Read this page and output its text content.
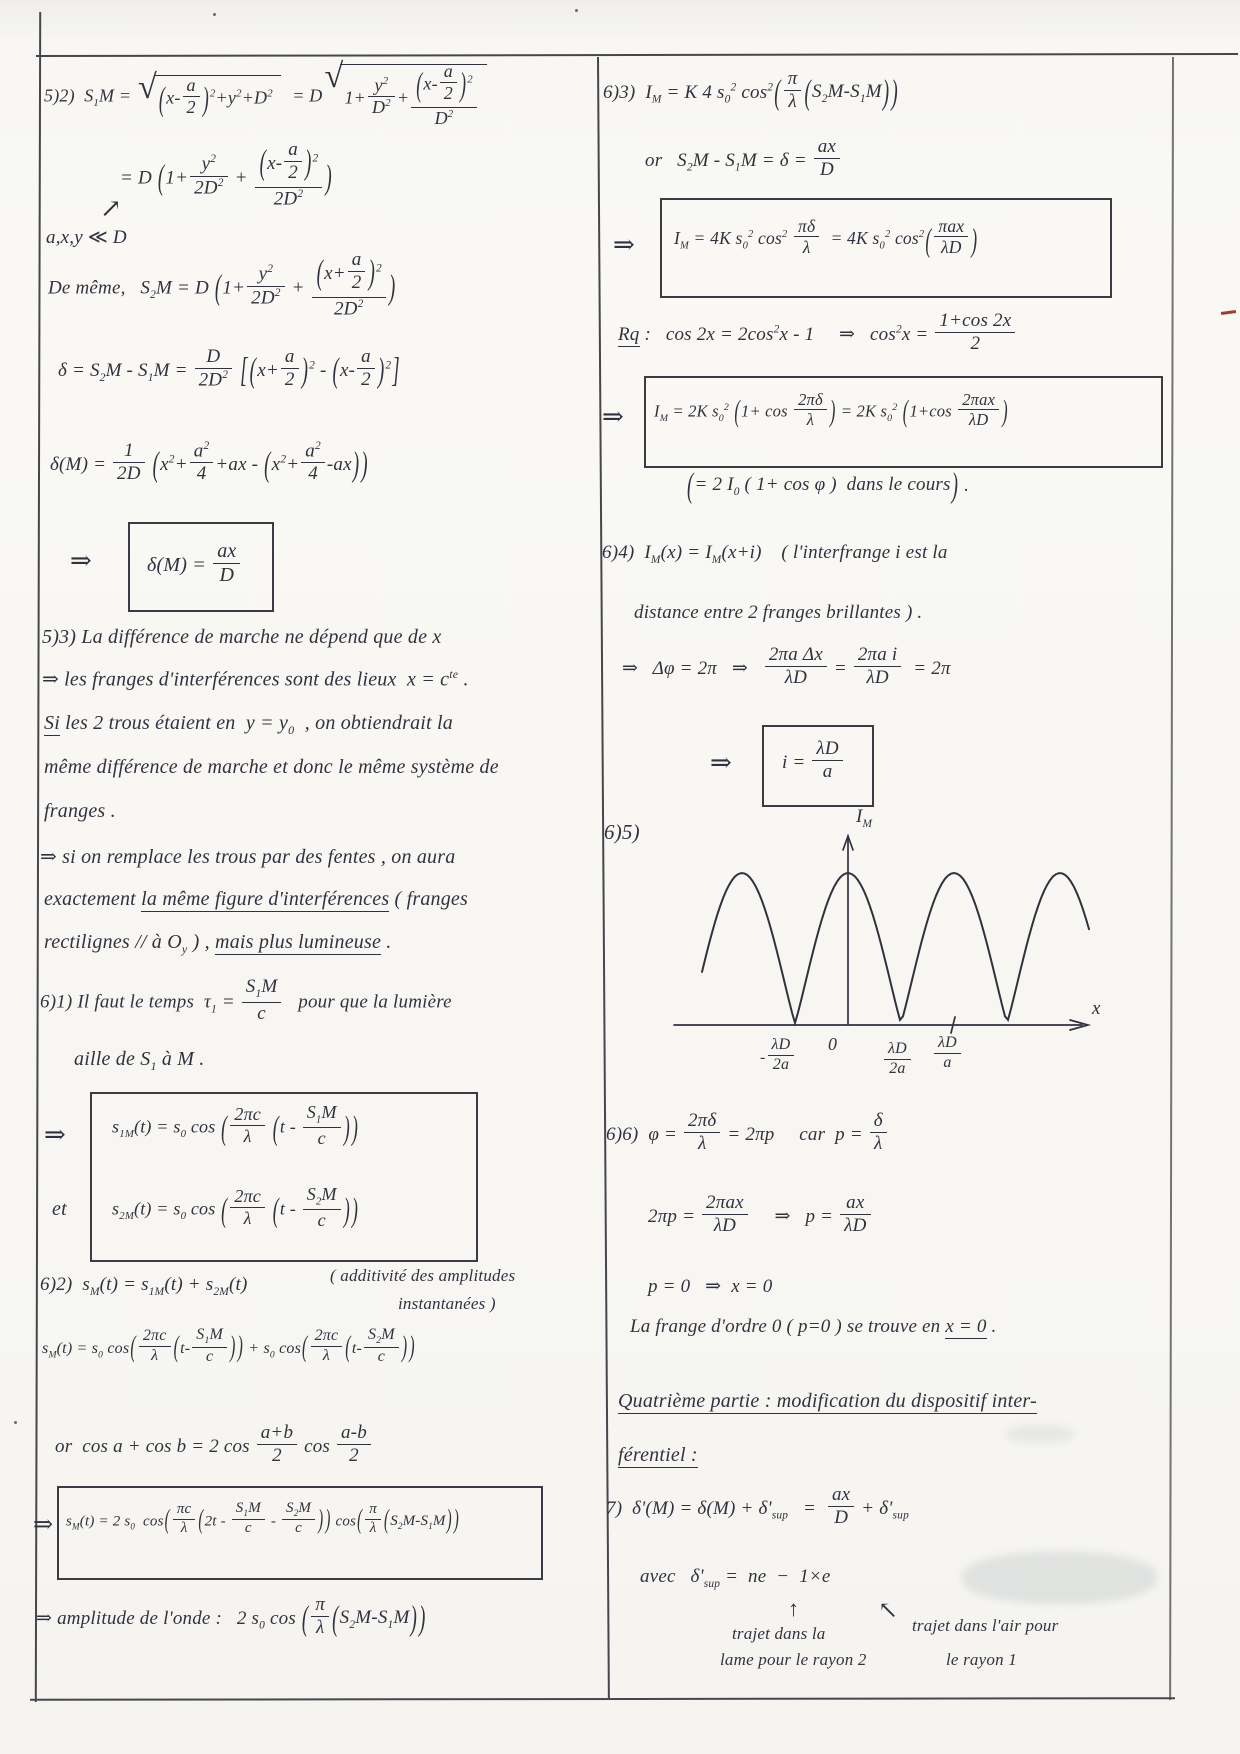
5)2)  $S_1M$ = √ ( $x- \frac{a}{2}$ ) $^2+y^2+D^2 = D$
√
$1+ \frac{y^2}{D^2} + \frac{( x- \frac{a}{2} ) ^2}{D^2}$
= D ( $1+ \frac{y^2}{2D^2} + \frac{( x- \frac{a}{2} ) ^2}{2D^2}$ )
↗
a,x,y ≪ D
De même,   $S_2M = D$ ( $1+ \frac{y^2}{2D^2} + \frac{( x+ \frac{a}{2} ) ^2}{2D^2}$ )
$\delta = S_2M - S_1M = \frac{D}{2D^2}$
[ ( $x+ \frac{a}{2}$ ) $^2$ - ( $x- \frac{a}{2}$ ) $^2$ ]
$\delta(M) = \frac{1}{2D}$
( $x^2+ \frac{a^2}{4} +ax$ - ( $x^2+ \frac{a^2}{4} -ax$ ) )
⇒	$\delta(M) = \frac{ax}{D}$
5)3) La différence de marche ne dépend que de x
⇒ les franges d'interférences sont des lieux  $x = c^{te}$ .
Si les 2 trous étaient en  $y = y_0$  , on obtiendrait la
même différence de marche et donc le même système de
franges .
⇒ si on remplace les trous par des fentes , on aura
exactement la même figure d'interférences ( franges
rectilignes // à $O_y$ ) , mais plus lumineuse .
6)1) Il faut le temps  $\tau_1 = \frac{S_1M}{c}$ pour que la lumière
aille de $S_1$ à M .
⇒	$s_{1M}(t) = s_0$ cos ( $\frac{2\pi c}{\lambda}$
( t - $\frac{S_1M}{c}$ ) )
et	$s_{2M}(t) = s_0$ cos ( $\frac{2\pi c}{\lambda}$
( t - $\frac{S_2M}{c}$ ) )
6)2)  $s_M(t) = s_{1M}(t) + s_{2M}(t)$	( additivité des amplitudes
instantanées )
$s_M(t) = s_0$ cos ( $\frac{2\pi c}{\lambda}$ ( $t- \frac{S_1M}{c}$ ) ) + $s_0$ cos ( $\frac{2\pi c}{\lambda}$ ( $t- \frac{S_2M}{c}$ ) )
or  cos a + cos b = 2 $\cos \frac{a+b}{2}$ $\cos \frac{a-b}{2}$
⇒ $s_M(t) = 2$ $s_0$  cos ( $\frac{\pi c}{\lambda}$ ( $2t - \frac{S_1M}{c} - \frac{S_2M}{c}$ ) ) cos ( $\frac{\pi}{\lambda}$ ( $S_2M-S_1M$ ) )
⇒ amplitude de l'onde :   2 $s_0$ cos ( $\frac{\pi}{\lambda}$ ( $S_2M-S_1M$ ) )
6)3)  $I_M = K$ 4 $s_0^2$ $\cos^2$ ( $\frac{\pi}{\lambda}$ ( $S_2M-S_1M$ ) )
or   $S_2M - S_1M = \delta = \frac{ax}{D}$
⇒ $I_M = 4K$ $s_0^2$ $\cos^2 \frac{\pi\delta}{\lambda} = 4K$ $s_0^2$ $\cos^2$ ( πax
λD )
Rq :   $\cos 2x = 2\cos^2x - 1$     ⇒   $\cos^2x = \frac{1+\cos 2x}{2}$
⇒ $I_M = 2K$ $s_0^2$ ( $1+ \cos \frac{2\pi\delta}{\lambda}$ ) = 2K $s_0^2$ ( 1+cos
2πax
λD )
( = 2 $I_0$ ( 1+ cos φ )  dans le cours ) .
6)4)  $I_M(x) = I_M(x+i)$    ( l'interfrange i est la
distance entre 2 franges brillantes ) .
⇒   Δφ = 2π   ⇒ $\frac{\text{2πa Δx}}{\lambda D} = \frac{\text{2πa i}}{\lambda D} = 2\pi$
⇒	$i = \frac{\lambda D}{a}$
6)5)
$I_M$
x
- $\frac{\lambda D}{2a} 0$	$\frac{\lambda D}{2a} \frac{\lambda D}{a}$
6)6)  $\varphi = \frac{2\pi\delta}{\lambda} = 2\pi p$     car  $p = \frac{\delta}{\lambda}$
2πp =
2πax
λD ⇒   $p = \frac{ax}{\lambda D}$
p = 0   ⇒  x = 0
La frange d'ordre 0 ( p=0 ) se trouve en x = 0 .
Quatrième partie : modification du dispositif inter-
férentiel :
7)  $\delta'(M) = \delta(M) + \delta'_{sup} = \frac{ax}{D} + \delta'_{sup}$
avec   $\delta'_{sup}$ =  ne  −  1×e
↑
trajet dans la
lame pour le rayon 2
↖
trajet dans l'air pour
le rayon 1
